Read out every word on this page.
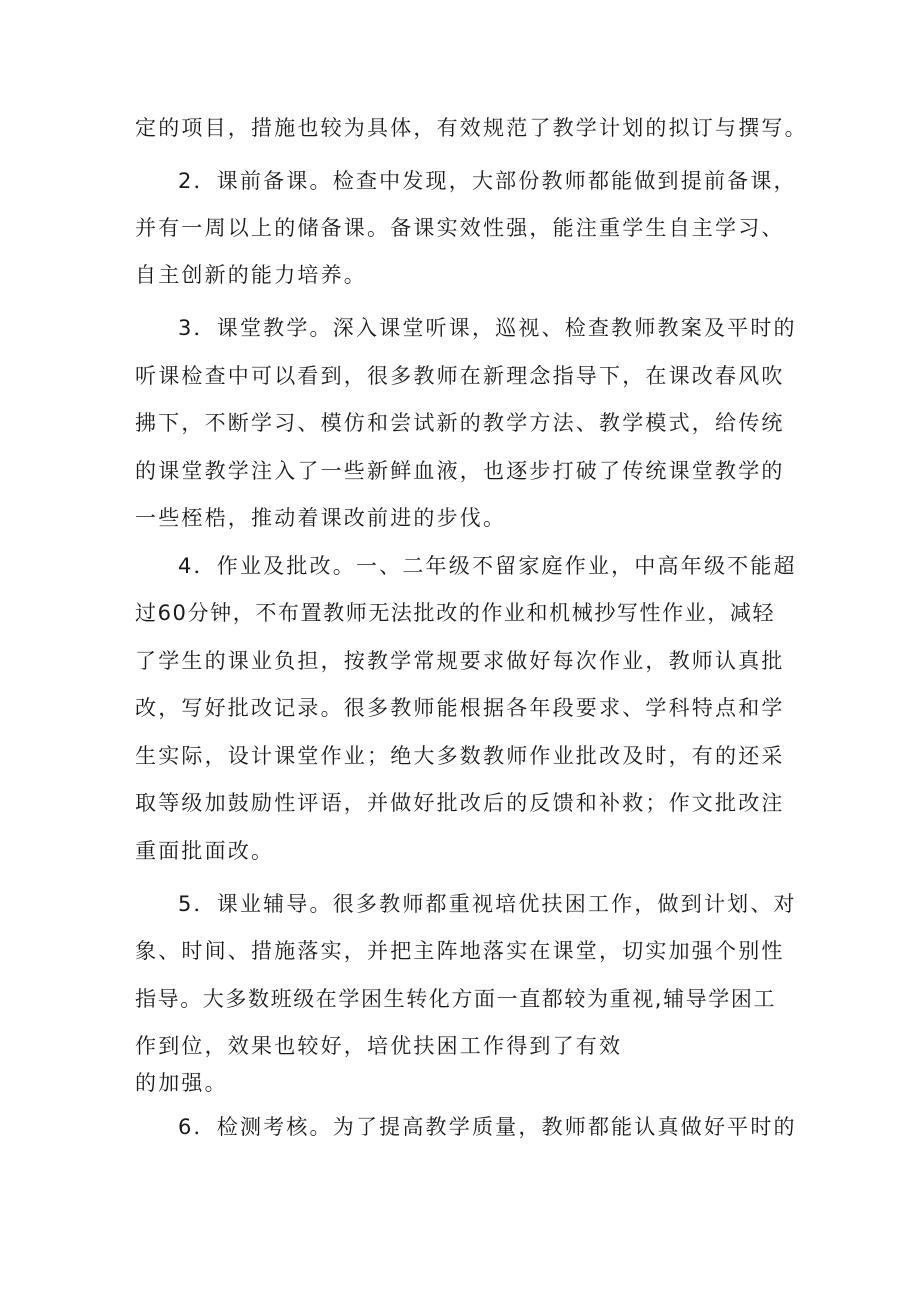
定的项目，措施也较为具体，有效规范了教学计划的拟订与撰写。
2．课前备课。检查中发现，大部份教师都能做到提前备课，
并有一周以上的储备课。备课实效性强，能注重学生自主学习、
自主创新的能力培养。
3．课堂教学。深入课堂听课，巡视、检查教师教案及平时的
听课检查中可以看到，很多教师在新理念指导下，在课改春风吹
拂下，不断学习、模仿和尝试新的教学方法、教学模式，给传统
的课堂教学注入了一些新鲜血液，也逐步打破了传统课堂教学的
一些桎梏，推动着课改前进的步伐。
4．作业及批改。一、二年级不留家庭作业，中高年级不能超
过60分钟，不布置教师无法批改的作业和机械抄写性作业，减轻
了学生的课业负担，按教学常规要求做好每次作业，教师认真批
改，写好批改记录。很多教师能根据各年段要求、学科特点和学
生实际，设计课堂作业；绝大多数教师作业批改及时，有的还采
取等级加鼓励性评语，并做好批改后的反馈和补救；作文批改注
重面批面改。
5．课业辅导。很多教师都重视培优扶困工作，做到计划、对
象、时间、措施落实，并把主阵地落实在课堂，切实加强个别性
指导。大多数班级在学困生转化方面一直都较为重视,辅导学困工
作到位，效果也较好，培优扶困工作得到了有效
的加强。
6．检测考核。为了提高教学质量，教师都能认真做好平时的
